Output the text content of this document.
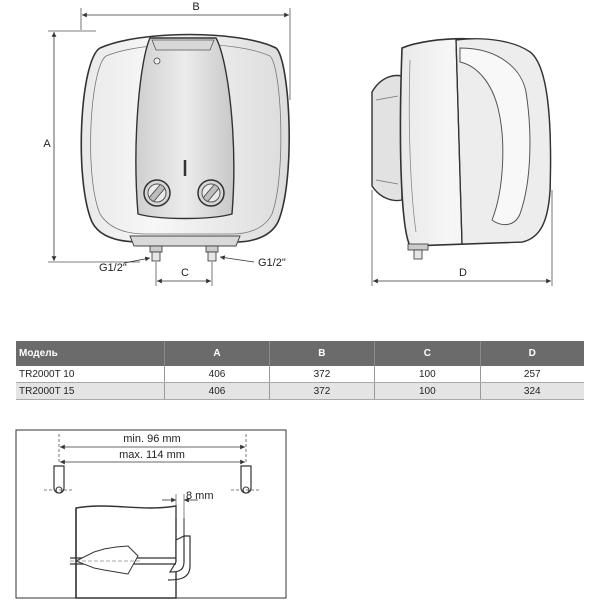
B
A
G1/2"	G1/2"
C	D
min. 96 mm
max. 114 mm
8 mm
Модель	A	B	C	D
TR2000T 10	406	372	100	257
TR2000T 15	406	372	100	324
